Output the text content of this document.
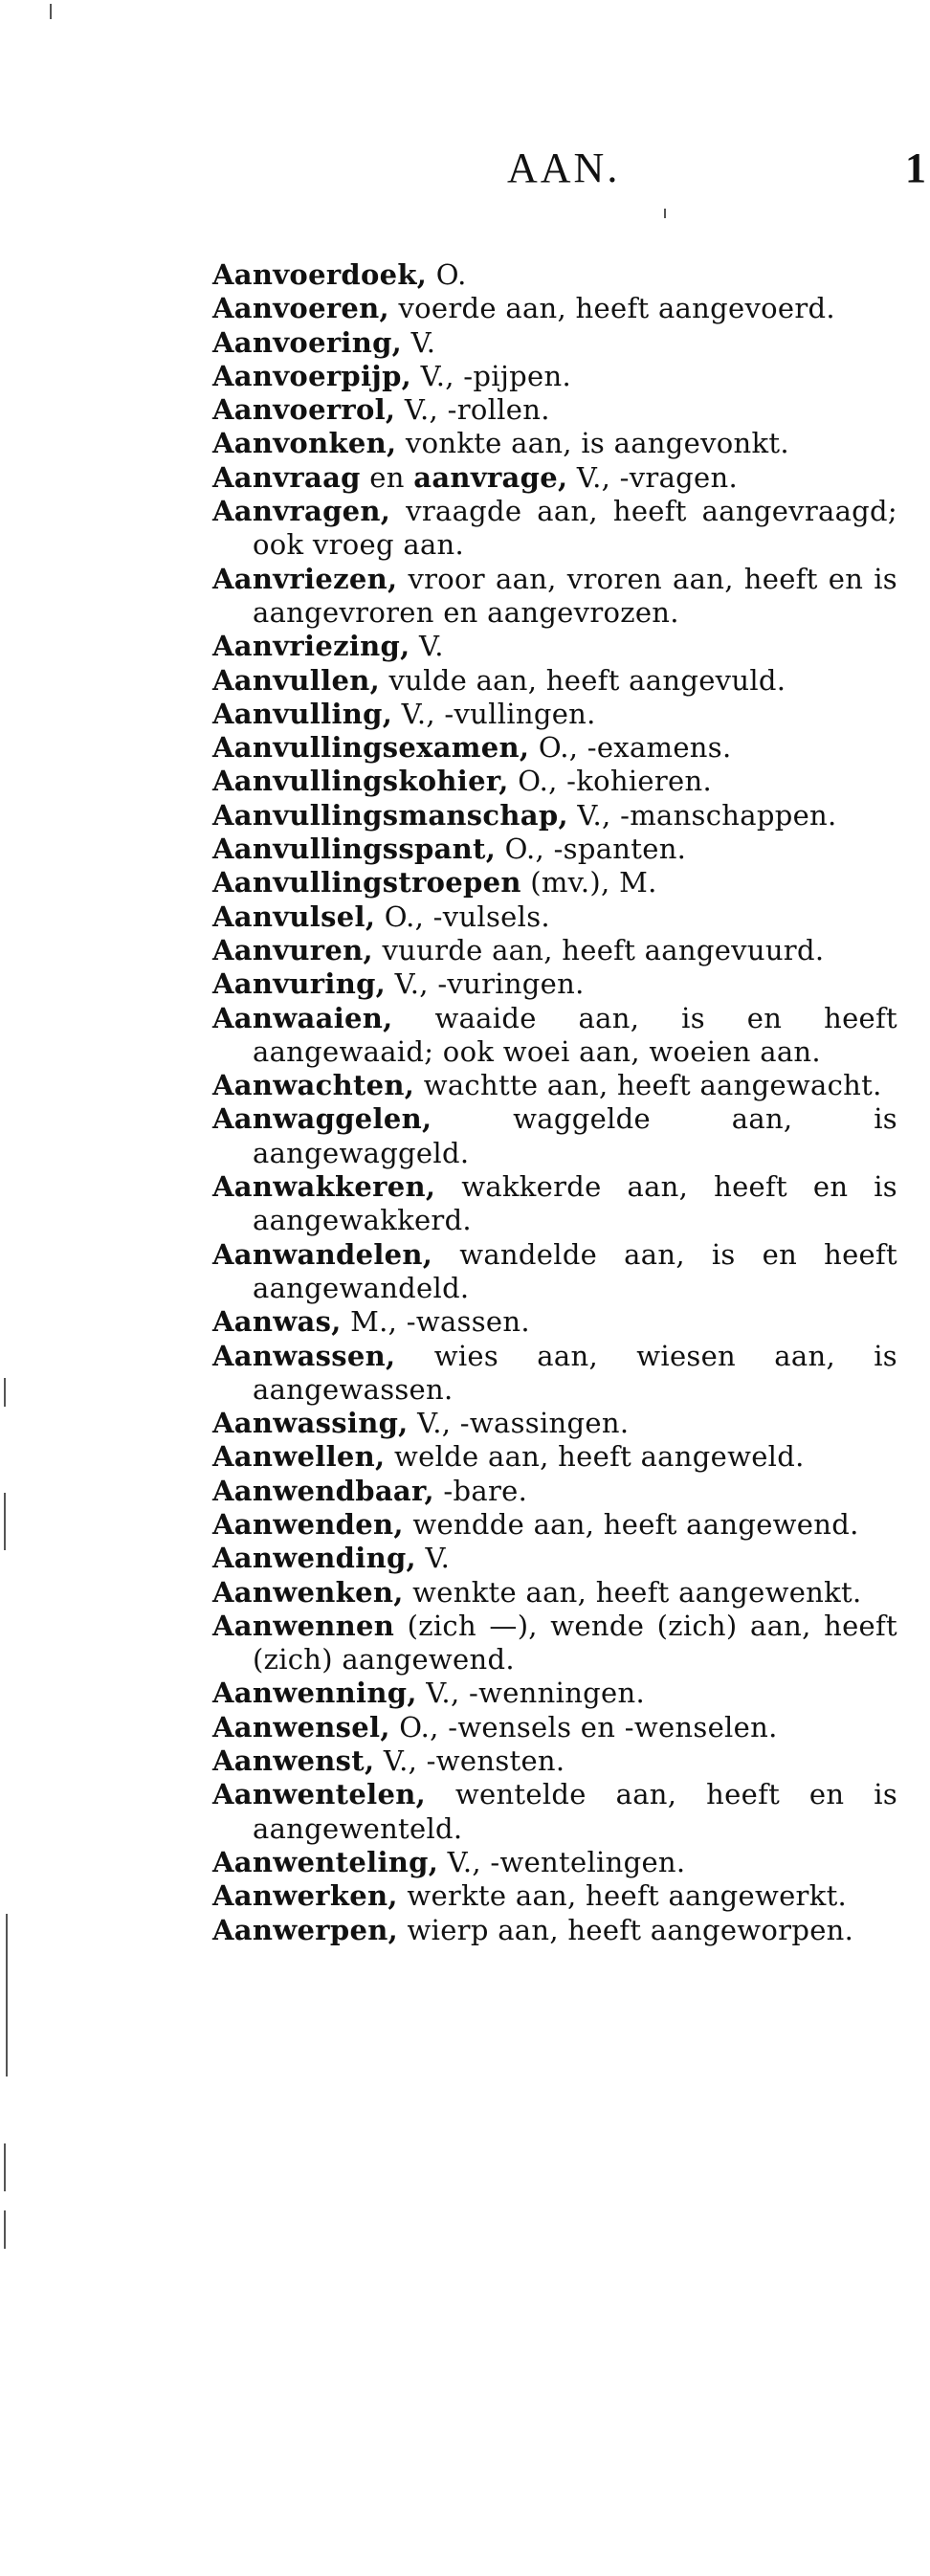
AAN.	1
Aanvoerdoek, O.
Aanvoeren, voerde aan, heeft aangevoerd.
Aanvoering, V.
Aanvoerpijp, V., -pijpen.
Aanvoerrol, V., -rollen.
Aanvonken, vonkte aan, is aangevonkt.
Aanvraag en aanvrage, V., -vragen.
Aanvragen, vraagde aan, heeft aangevraagd; ook vroeg aan.
Aanvriezen, vroor aan, vroren aan, heeft en is aangevroren en aangevrozen.
Aanvriezing, V.
Aanvullen, vulde aan, heeft aangevuld.
Aanvulling, V., -vullingen.
Aanvullingsexamen, O., -examens.
Aanvullingskohier, O., -kohieren.
Aanvullingsmanschap, V., -manschappen.
Aanvullingsspant, O., -spanten.
Aanvullingstroepen (mv.), M.
Aanvulsel, O., -vulsels.
Aanvuren, vuurde aan, heeft aangevuurd.
Aanvuring, V., -vuringen.
Aanwaaien, waaide aan, is en heeft aangewaaid; ook woei aan, woeien aan.
Aanwachten, wachtte aan, heeft aangewacht.
Aanwaggelen, waggelde aan, is aangewaggeld.
Aanwakkeren, wakkerde aan, heeft en is aangewakkerd.
Aanwandelen, wandelde aan, is en heeft aangewandeld.
Aanwas, M., -wassen.
Aanwassen, wies aan, wiesen aan, is aangewassen.
Aanwassing, V., -wassingen.
Aanwellen, welde aan, heeft aangeweld.
Aanwendbaar, -bare.
Aanwenden, wendde aan, heeft aangewend.
Aanwending, V.
Aanwenken, wenkte aan, heeft aangewenkt.
Aanwennen (zich —), wende (zich) aan, heeft (zich) aangewend.
Aanwenning, V., -wenningen.
Aanwensel, O., -wensels en -wenselen.
Aanwenst, V., -wensten.
Aanwentelen, wentelde aan, heeft en is aangewenteld.
Aanwenteling, V., -wentelingen.
Aanwerken, werkte aan, heeft aangewerkt.
Aanwerpen, wierp aan, heeft aangeworpen.
